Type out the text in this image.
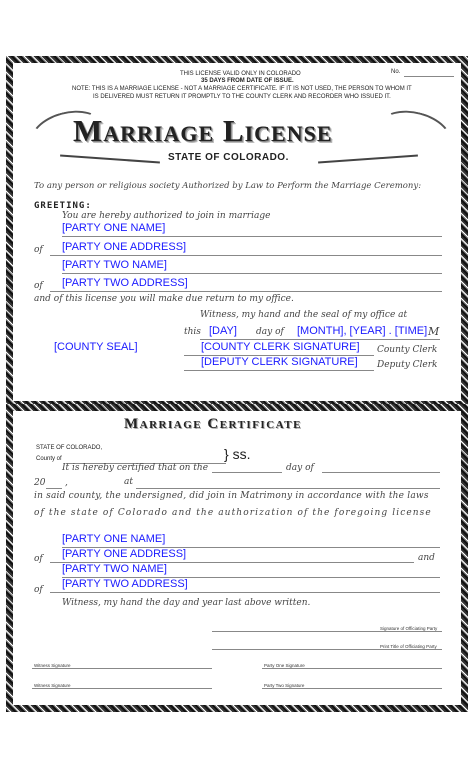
THIS LICENSE VALID ONLY IN COLORADO
35 DAYS FROM DATE OF ISSUE.
NOTE: THIS IS A MARRIAGE LICENSE - NOT A MARRIAGE CERTIFICATE. IF IT IS NOT USED, THE PERSON TO WHOM IT
IS DELIVERED MUST RETURN IT PROMPTLY TO THE COUNTY CLERK AND RECORDER WHO ISSUED IT.
No.
Marriage License
STATE OF COLORADO.
To any person or religious society Authorized by Law to Perform the Marriage Ceremony:
GREETING:
You are hereby authorized to join in marriage
[PARTY ONE NAME]
of [PARTY ONE ADDRESS]
[PARTY TWO NAME]
of [PARTY TWO ADDRESS]
and of this license you will make due return to my office.
Witness, my hand and the seal of my office at
this [DAY] day of [MONTH], [YEAR] . [TIME] M
[COUNTY SEAL]	[COUNTY CLERK SIGNATURE] County Clerk
[DEPUTY CLERK SIGNATURE] Deputy Clerk
Marriage Certificate
STATE OF COLORADO,
County of	} ss.
It is hereby certified that on the	day of
20 ,	at
in said county, the undersigned, did join in Matrimony in accordance with the laws
of the state of Colorado and the authorization of the foregoing license
[PARTY ONE NAME]
of [PARTY ONE ADDRESS]	and
[PARTY TWO NAME]
of [PARTY TWO ADDRESS]
Witness, my hand the day and year last above written.
Signature of Officiating Party
Print Title of Officiating Party
Witness Signature	Party One Signature
Witness Signature	Party Two Signature
